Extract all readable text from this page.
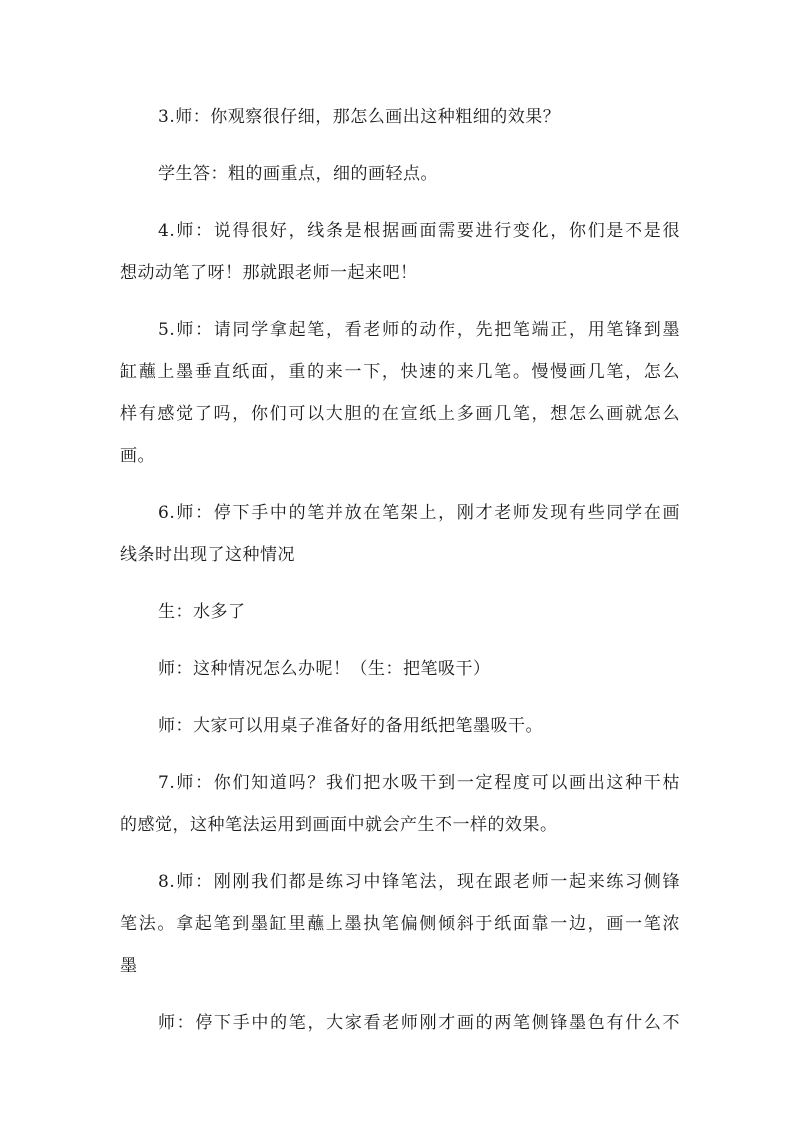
3.师：你观察很仔细，那怎么画出这种粗细的效果？

学生答：粗的画重点，细的画轻点。

4.师：说得很好，线条是根据画面需要进行变化，你们是不是很

想动动笔了呀！那就跟老师一起来吧！

5.师：请同学拿起笔，看老师的动作，先把笔端正，用笔锋到墨

缸蘸上墨垂直纸面，重的来一下，快速的来几笔。慢慢画几笔，怎么

样有感觉了吗，你们可以大胆的在宣纸上多画几笔，想怎么画就怎么

画。

6.师：停下手中的笔并放在笔架上，刚才老师发现有些同学在画

线条时出现了这种情况

生：水多了

师：这种情况怎么办呢！（生：把笔吸干）

师：大家可以用桌子准备好的备用纸把笔墨吸干。

7.师：你们知道吗？我们把水吸干到一定程度可以画出这种干枯

的感觉，这种笔法运用到画面中就会产生不一样的效果。

8.师：刚刚我们都是练习中锋笔法，现在跟老师一起来练习侧锋

笔法。拿起笔到墨缸里蘸上墨执笔偏侧倾斜于纸面靠一边，画一笔浓

墨

师：停下手中的笔，大家看老师刚才画的两笔侧锋墨色有什么不
